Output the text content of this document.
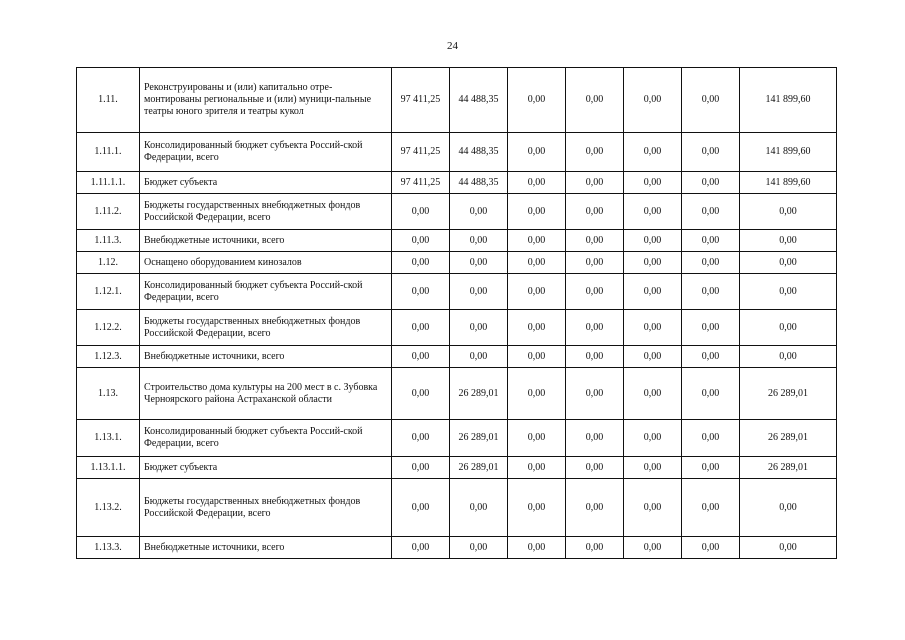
24
1.11.	Реконструированы и (или) капитально отре-монтированы региональные и (или) муници-пальные театры юного зрителя и театры кукол	97 411,25	44 488,35	0,00	0,00	0,00	0,00	141 899,60
1.11.1.	Консолидированный бюджет субъекта Россий-ской Федерации, всего	97 411,25	44 488,35	0,00	0,00	0,00	0,00	141 899,60
1.11.1.1.	Бюджет субъекта	97 411,25	44 488,35	0,00	0,00	0,00	0,00	141 899,60
1.11.2.	Бюджеты государственных внебюджетных фондов Российской Федерации, всего	0,00	0,00	0,00	0,00	0,00	0,00	0,00
1.11.3.	Внебюджетные источники, всего	0,00	0,00	0,00	0,00	0,00	0,00	0,00
1.12.	Оснащено оборудованием кинозалов	0,00	0,00	0,00	0,00	0,00	0,00	0,00
1.12.1.	Консолидированный бюджет субъекта Россий-ской Федерации, всего	0,00	0,00	0,00	0,00	0,00	0,00	0,00
1.12.2.	Бюджеты государственных внебюджетных фондов Российской Федерации, всего	0,00	0,00	0,00	0,00	0,00	0,00	0,00
1.12.3.	Внебюджетные источники, всего	0,00	0,00	0,00	0,00	0,00	0,00	0,00
1.13.	Строительство дома культуры на 200 мест в с. Зубовка Черноярского района Астраханской области	0,00	26 289,01	0,00	0,00	0,00	0,00	26 289,01
1.13.1.	Консолидированный бюджет субъекта Россий-ской Федерации, всего	0,00	26 289,01	0,00	0,00	0,00	0,00	26 289,01
1.13.1.1.	Бюджет субъекта	0,00	26 289,01	0,00	0,00	0,00	0,00	26 289,01
1.13.2.	Бюджеты государственных внебюджетных фондов Российской Федерации, всего	0,00	0,00	0,00	0,00	0,00	0,00	0,00
1.13.3.	Внебюджетные источники, всего	0,00	0,00	0,00	0,00	0,00	0,00	0,00
